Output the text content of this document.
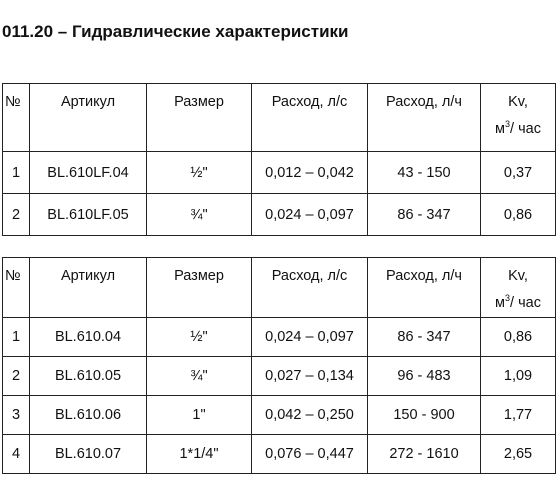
011.20 – Гидравлические характеристики
№	Артикул	Размер	Расход, л/с	Расход, л/ч	Kv,
$м^3/$ час

1	BL.610LF.04	½"	0,012 – 0,042	43 - 150	0,37
2	BL.610LF.05	¾"	0,024 – 0,097	86 - 347	0,86
№	Артикул	Размер	Расход, л/с	Расход, л/ч	Kv,
$м^3/$ час

1	BL.610.04	½"	0,024 – 0,097	86 - 347	0,86
2	BL.610.05	¾"	0,027 – 0,134	96 - 483	1,09
3	BL.610.06	1"	0,042 – 0,250	150 - 900	1,77
4	BL.610.07	1*1/4"	0,076 – 0,447	272 - 1610	2,65
